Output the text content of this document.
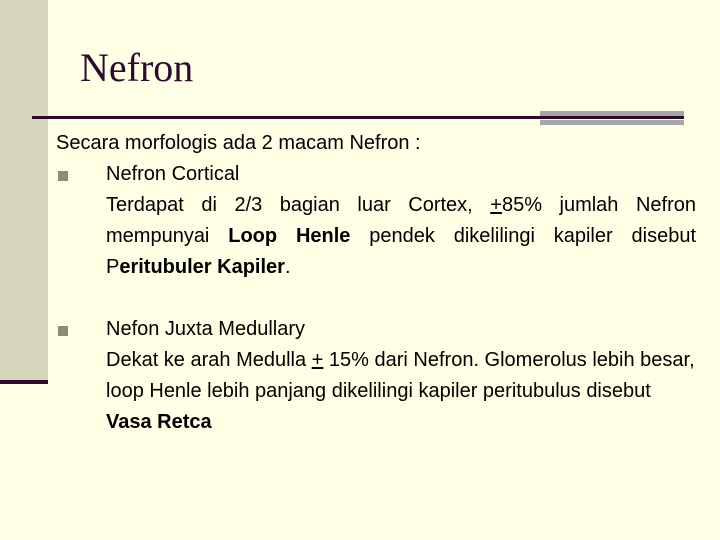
Nefron

Secara morfologis ada 2 macam Nefron :

Nefron Cortical

Terdapat di 2/3 bagian luar Cortex, +85% jumlah Nefron mempunyai Loop Henle pendek dikelilingi kapiler disebut Peritubuler Kapiler.

Nefon Juxta Medullary

Dekat ke arah Medulla + 15% dari Nefron. Glomerolus lebih besar, loop Henle lebih panjang dikelilingi kapiler peritubulus disebut Vasa Retca
